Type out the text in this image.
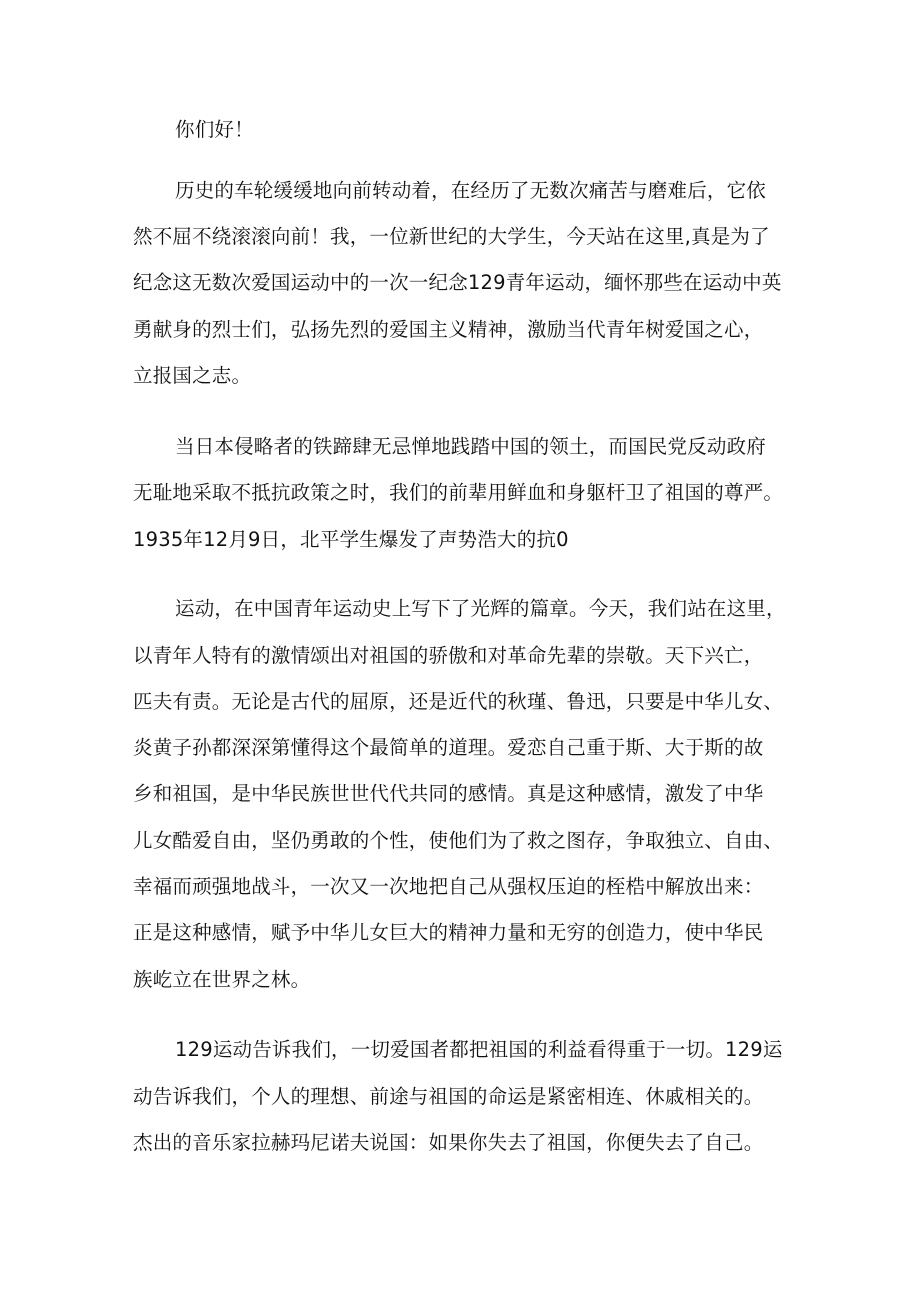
你们好！

历史的车轮缓缓地向前转动着，在经历了无数次痛苦与磨难后，它依

然不屈不绕滚滚向前！我，一位新世纪的大学生，今天站在这里,真是为了

纪念这无数次爱国运动中的一次一纪念129青年运动，缅怀那些在运动中英

勇献身的烈士们，弘扬先烈的爱国主义精神，激励当代青年树爱国之心，

立报国之志。

当日本侵略者的铁蹄肆无忌惮地践踏中国的领土，而国民党反动政府

无耻地采取不抵抗政策之时，我们的前辈用鲜血和身躯杆卫了祖国的尊严。

1935年12月9日，北平学生爆发了声势浩大的抗0

运动，在中国青年运动史上写下了光辉的篇章。今天，我们站在这里，

以青年人特有的激情颂出对祖国的骄傲和对革命先辈的崇敬。天下兴亡，

匹夫有责。无论是古代的屈原，还是近代的秋瑾、鲁迅，只要是中华儿女、

炎黄子孙都深深第懂得这个最简单的道理。爱恋自己重于斯、大于斯的故

乡和祖国，是中华民族世世代代共同的感情。真是这种感情，激发了中华

儿女酷爱自由，坚仍勇敢的个性，使他们为了救之图存，争取独立、自由、

幸福而顽强地战斗，一次又一次地把自己从强权压迫的桎梏中解放出来：

正是这种感情，赋予中华儿女巨大的精神力量和无穷的创造力，使中华民

族屹立在世界之林。

129运动告诉我们，一切爱国者都把祖国的利益看得重于一切。129运

动告诉我们，个人的理想、前途与祖国的命运是紧密相连、休戚相关的。

杰出的音乐家拉赫玛尼诺夫说国：如果你失去了祖国，你便失去了自己。
